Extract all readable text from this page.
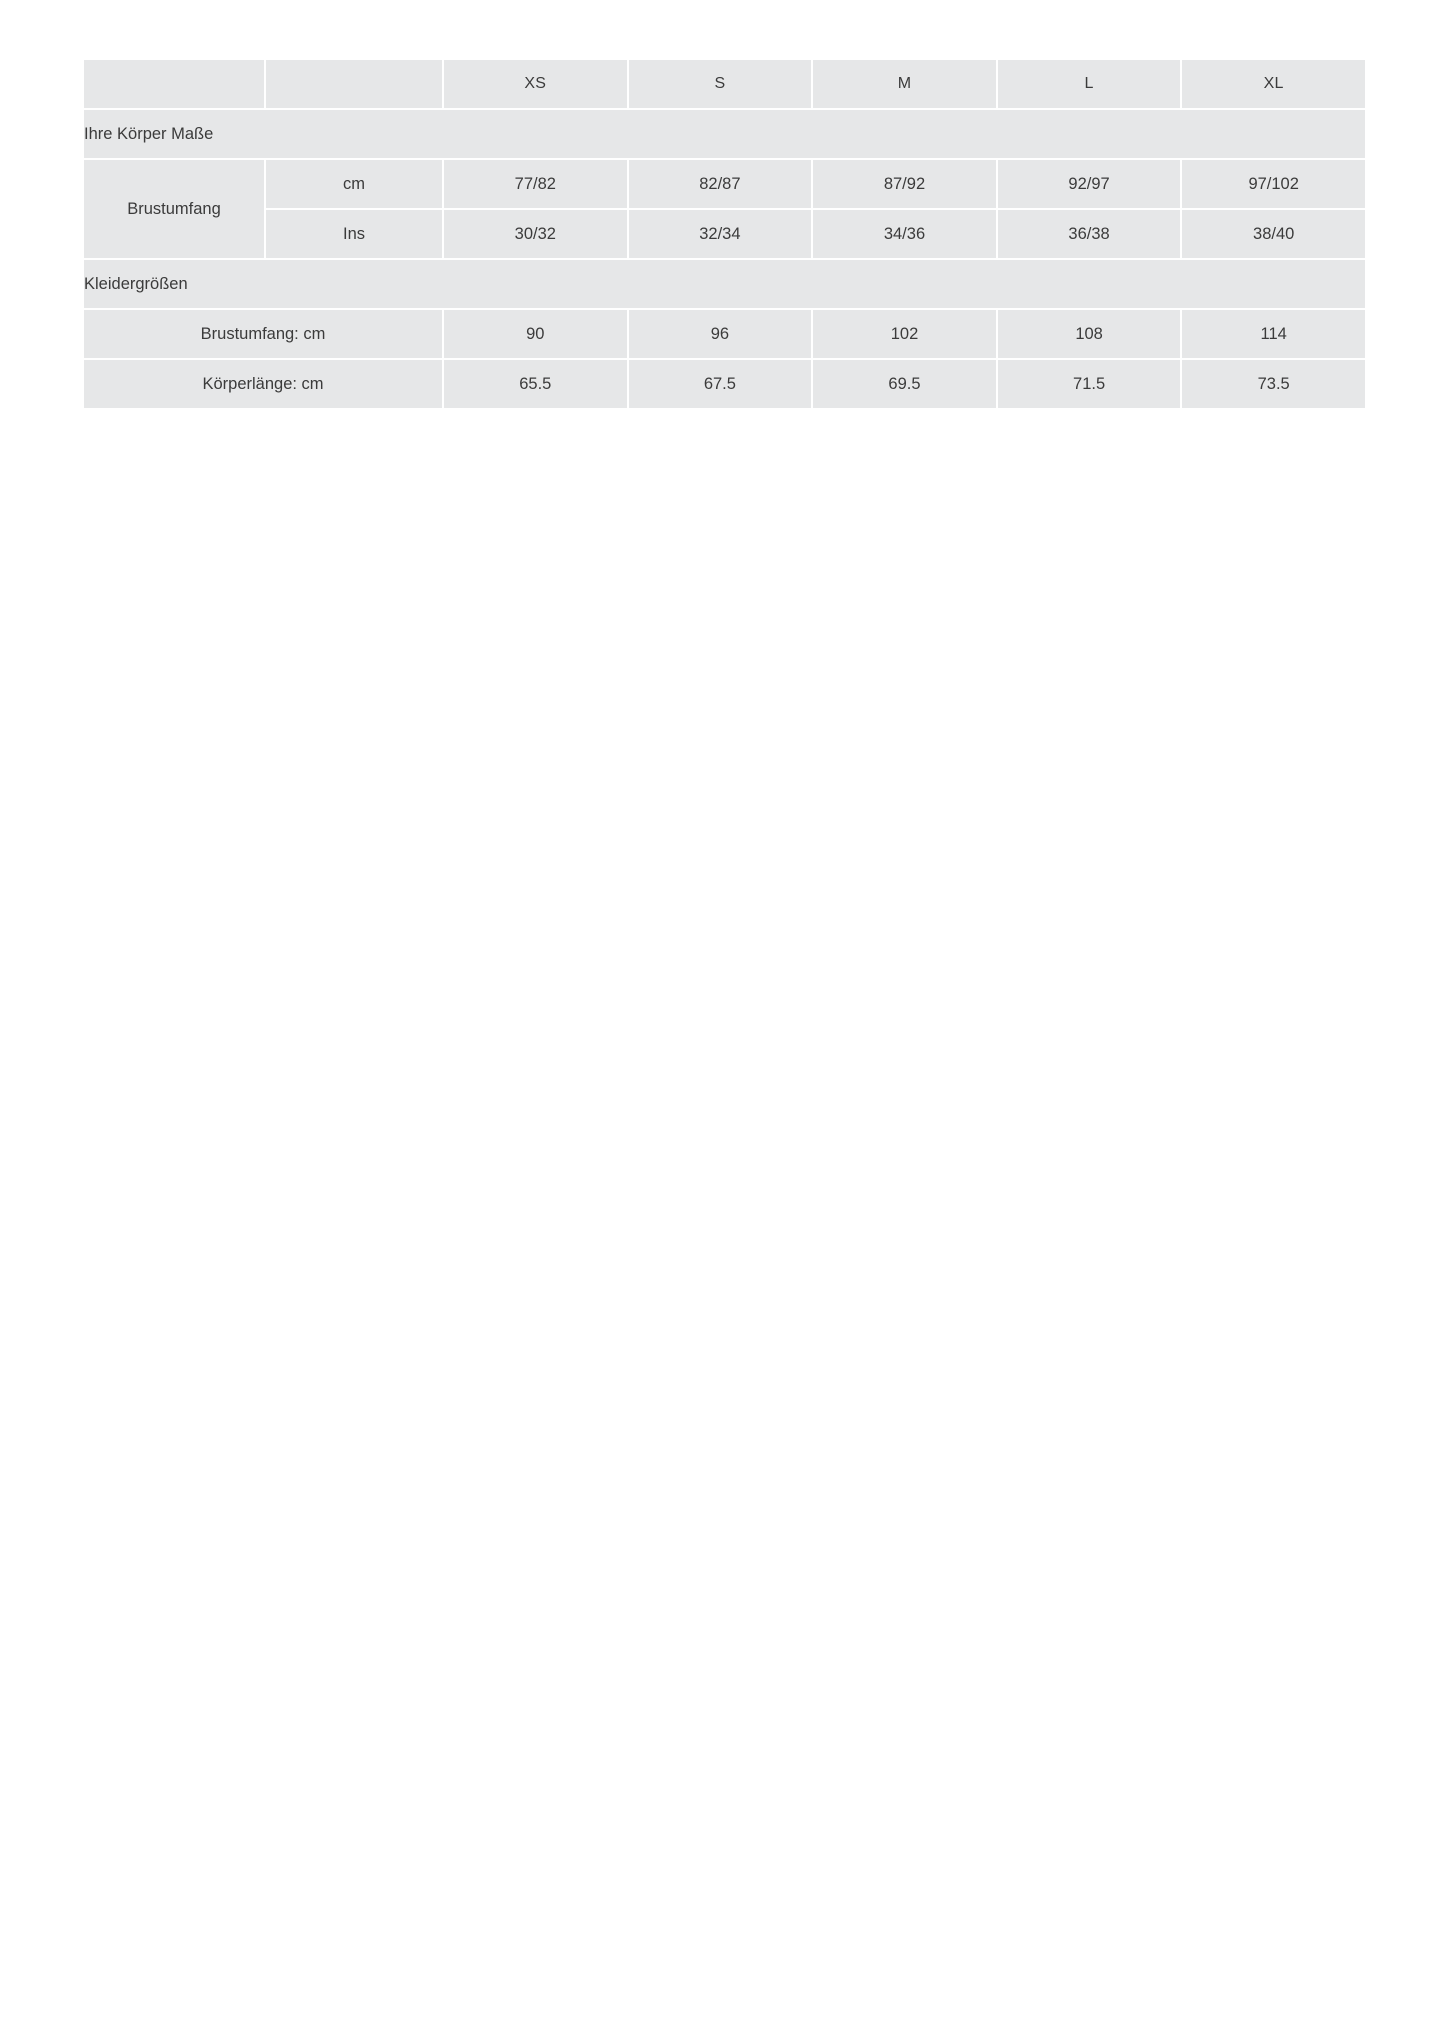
		XS	S	M	L	XL
Ihre Körper Maße						
Brustumfang	cm	77/82	82/87	87/92	92/97	97/102
	Ins	30/32	32/34	34/36	36/38	38/40
Kleidergrößen						
Brustumfang: cm		90	96	102	108	114
Körperlänge: cm		65.5	67.5	69.5	71.5	73.5
